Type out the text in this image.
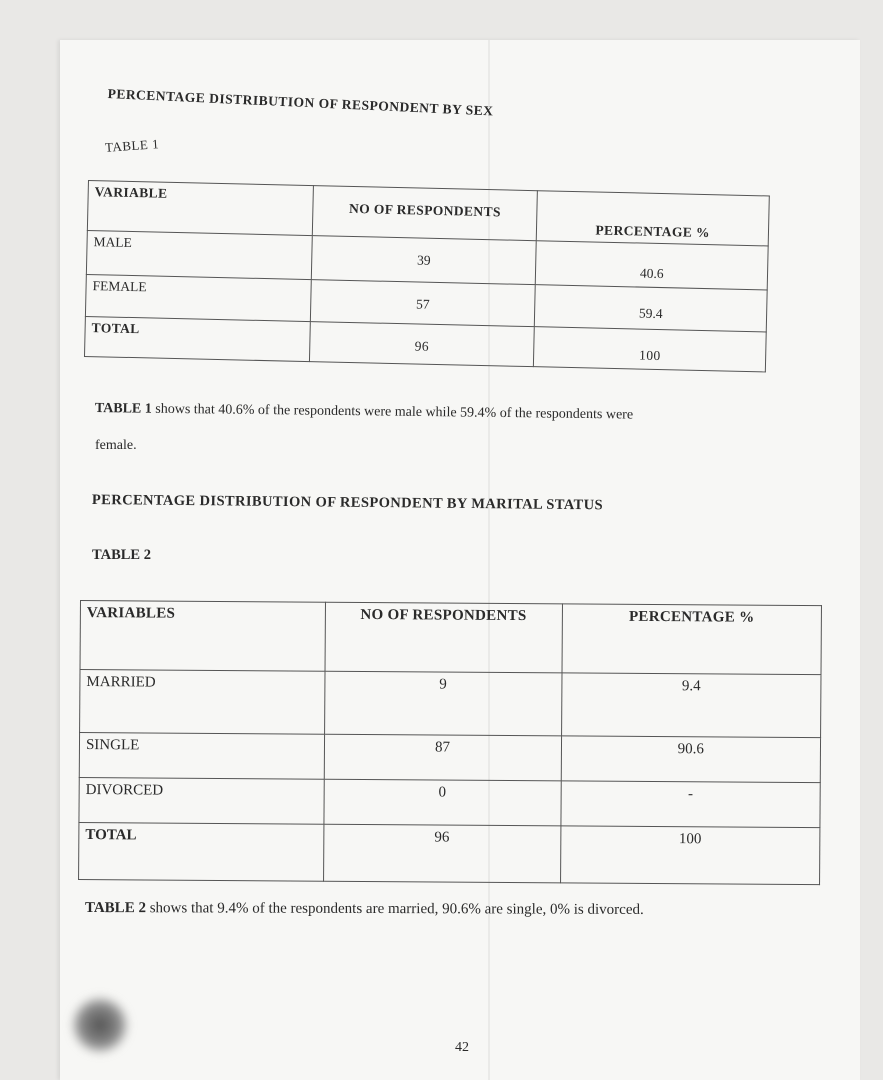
PERCENTAGE DISTRIBUTION OF RESPONDENT BY SEX
TABLE 1
VARIABLE	NO OF RESPONDENTS	PERCENTAGE %
MALE	39	40.6
FEMALE	57	59.4
TOTAL	96	100
TABLE 1 shows that 40.6% of the respondents were male while 59.4% of the respondents were
female.
PERCENTAGE DISTRIBUTION OF RESPONDENT BY MARITAL STATUS
TABLE 2
VARIABLES	NO OF RESPONDENTS	PERCENTAGE %
MARRIED	9	9.4
SINGLE	87	90.6
DIVORCED	0	-
TOTAL	96	100
TABLE 2 shows that 9.4% of the respondents are married, 90.6% are single, 0% is divorced.
42
